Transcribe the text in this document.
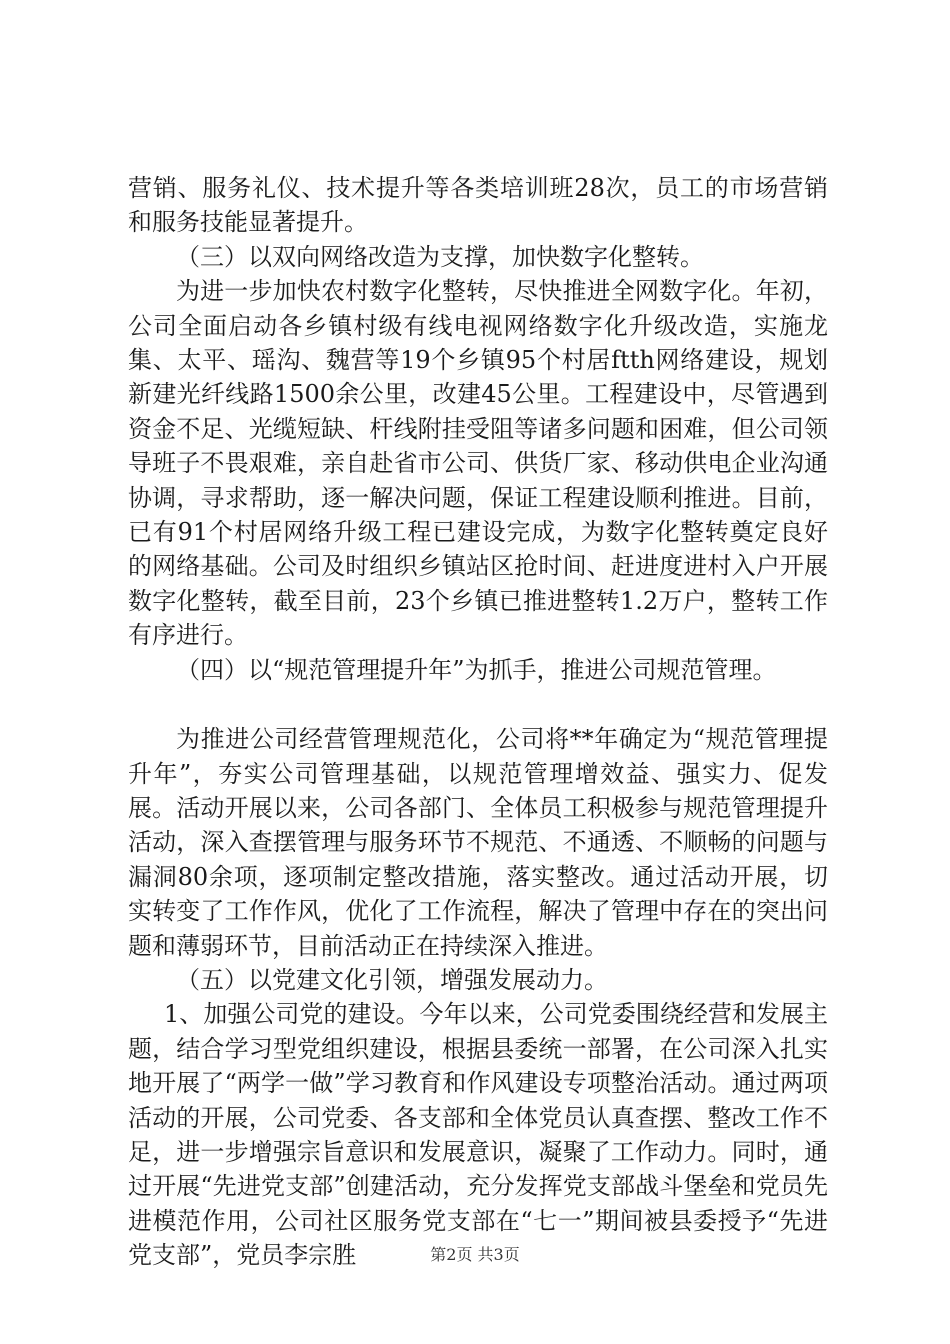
营销、服务礼仪、技术提升等各类培训班28次，员工的市场营销和服务技能显著提升。

（三）以双向网络改造为支撑，加快数字化整转。

为进一步加快农村数字化整转，尽快推进全网数字化。年初，公司全面启动各乡镇村级有线电视网络数字化升级改造，实施龙集、太平、瑶沟、魏营等19个乡镇95个村居ftth网络建设，规划新建光纤线路1500余公里，改建45公里。工程建设中，尽管遇到资金不足、光缆短缺、杆线附挂受阻等诸多问题和困难，但公司领导班子不畏艰难，亲自赴省市公司、供货厂家、移动供电企业沟通协调，寻求帮助，逐一解决问题，保证工程建设顺利推进。目前，已有91个村居网络升级工程已建设完成，为数字化整转奠定良好的网络基础。公司及时组织乡镇站区抢时间、赶进度进村入户开展数字化整转，截至目前，23个乡镇已推进整转1.2万户，整转工作有序进行。

（四）以“规范管理提升年”为抓手，推进公司规范管理。

为推进公司经营管理规范化，公司将**年确定为“规范管理提升年”，夯实公司管理基础，以规范管理增效益、强实力、促发展。活动开展以来，公司各部门、全体员工积极参与规范管理提升活动，深入查摆管理与服务环节不规范、不通透、不顺畅的问题与漏洞80余项，逐项制定整改措施，落实整改。通过活动开展，切实转变了工作作风，优化了工作流程，解决了管理中存在的突出问题和薄弱环节，目前活动正在持续深入推进。

（五）以党建文化引领，增强发展动力。

1、加强公司党的建设。今年以来，公司党委围绕经营和发展主题，结合学习型党组织建设，根据县委统一部署，在公司深入扎实地开展了“两学一做”学习教育和作风建设专项整治活动。通过两项活动的开展，公司党委、各支部和全体党员认真查摆、整改工作不足，进一步增强宗旨意识和发展意识，凝聚了工作动力。同时，通过开展“先进党支部”创建活动，充分发挥党支部战斗堡垒和党员先进模范作用，公司社区服务党支部在“七一”期间被县委授予“先进党支部”，党员李宗胜	第2页 共3页
